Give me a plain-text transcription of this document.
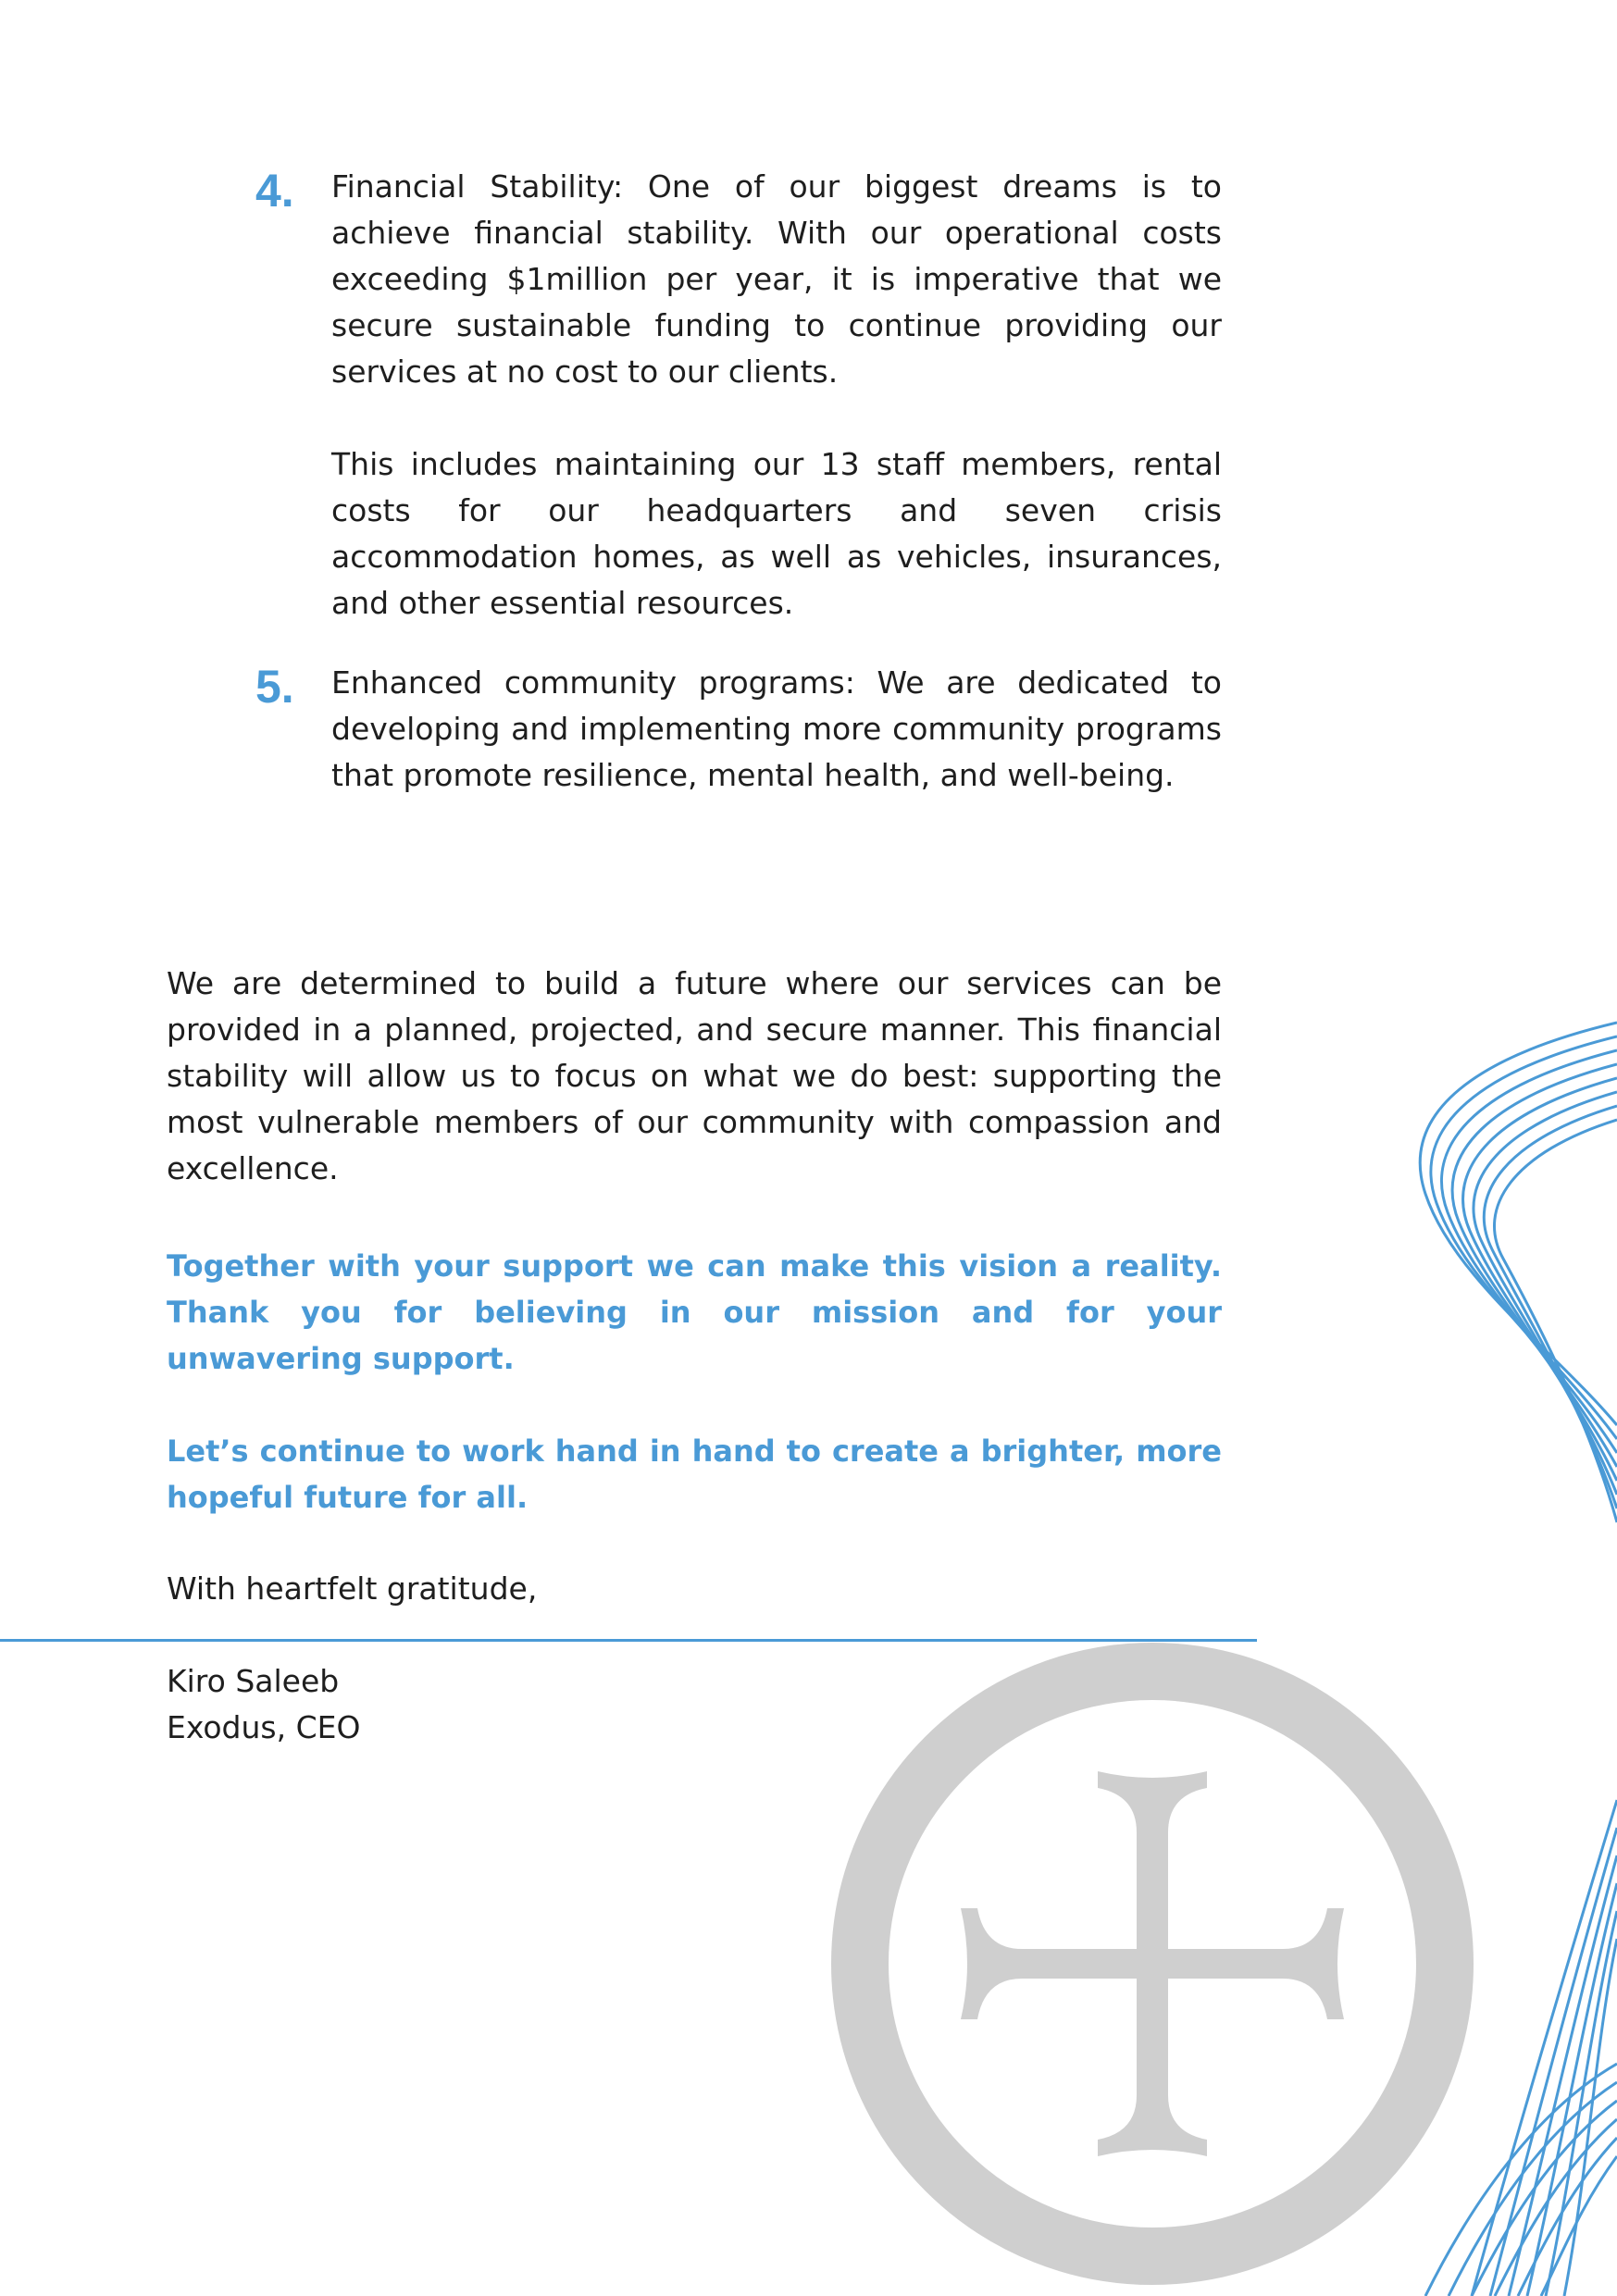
4. Financial Stability: One of our biggest dreams is to achieve financial stability. With our operational costs exceeding $1million per year, it is imperative that we secure sustainable funding to continue providing our services at no cost to our clients.
This includes maintaining our 13 staff members, rental costs for our headquarters and seven crisis accommodation homes, as well as vehicles, insurances, and other essential resources.
5. Enhanced community programs: We are dedicated to developing and implementing more community programs that promote resilience, mental health, and well-being.
We are determined to build a future where our services can be provided in a planned, projected, and secure manner. This financial stability will allow us to focus on what we do best: supporting the most vulnerable members of our community with compassion and excellence.
Together with your support we can make this vision a reality. Thank you for believing in our mission and for your unwavering support.
Let’s continue to work hand in hand to create a brighter, more hopeful future for all.
With heartfelt gratitude,
Kiro Saleeb
Exodus, CEO
